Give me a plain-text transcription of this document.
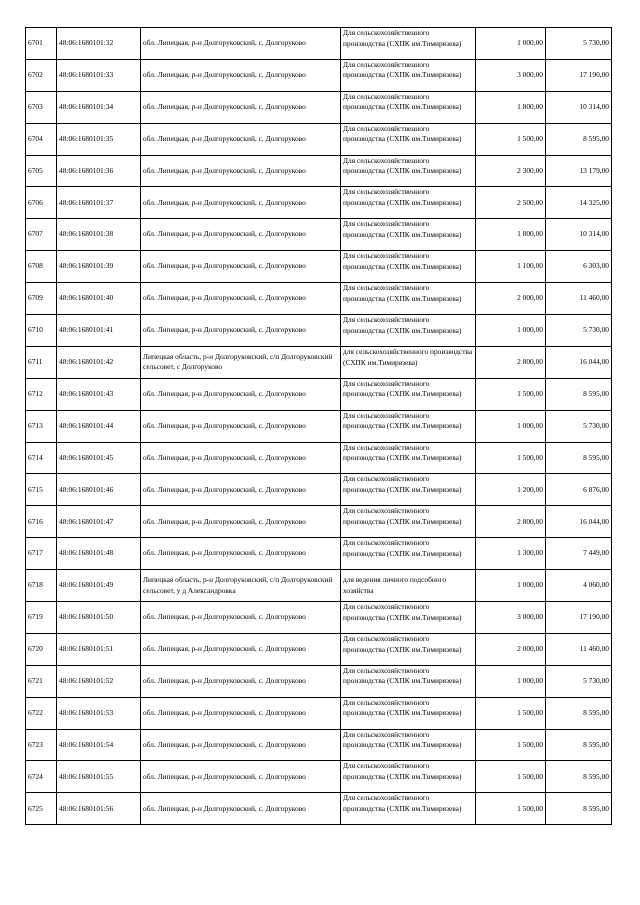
6701	48:06:1680101:32	обл. Липецкая, р-н Долгоруковский, с. Долгоруково	Для сельскохозяйственного производства (СХПК им.Тимирязева)	1 000,00	5 730,00
6702	48:06:1680101:33	обл. Липецкая, р-н Долгоруковский, с. Долгоруково	Для сельскохозяйственного производства (СХПК им.Тимирязева)	3 000,00	17 190,00
6703	48:06:1680101:34	обл. Липецкая, р-н Долгоруковский, с. Долгоруково	Для сельскохозяйственного производства (СХПК им.Тимирязева)	1 800,00	10 314,00
6704	48:06:1680101:35	обл. Липецкая, р-н Долгоруковский, с. Долгоруково	Для сельскохозяйственного производства (СХПК им.Тимирязева)	1 500,00	8 595,00
6705	48:06:1680101:36	обл. Липецкая, р-н Долгоруковский, с. Долгоруково	Для сельскохозяйственного производства (СХПК им.Тимирязева)	2 300,00	13 179,00
6706	48:06:1680101:37	обл. Липецкая, р-н Долгоруковский, с. Долгоруково	Для сельскохозяйственного производства (СХПК им.Тимирязева)	2 500,00	14 325,00
6707	48:06:1680101:38	обл. Липецкая, р-н Долгоруковский, с. Долгоруково	Для сельскохозяйственного производства (СХПК им.Тимирязева)	1 800,00	10 314,00
6708	48:06:1680101:39	обл. Липецкая, р-н Долгоруковский, с. Долгоруково	Для сельскохозяйственного производства (СХПК им.Тимирязева)	1 100,00	6 303,00
6709	48:06:1680101:40	обл. Липецкая, р-н Долгоруковский, с. Долгоруково	Для сельскохозяйственного производства (СХПК им.Тимирязева)	2 000,00	11 460,00
6710	48:06:1680101:41	обл. Липецкая, р-н Долгоруковский, с. Долгоруково	Для сельскохозяйственного производства (СХПК им.Тимирязева)	1 000,00	5 730,00
6711	48:06:1680101:42	Липецкая область, р-н Долгоруковский, с/п Долгоруковский сельсовет, с Долгоруково	для сельскохозяйственного производства (СХПК им.Тимирязева)	2 800,00	16 044,00
6712	48:06:1680101:43	обл. Липецкая, р-н Долгоруковский, с. Долгоруково	Для сельскохозяйственного производства (СХПК им.Тимирязева)	1 500,00	8 595,00
6713	48:06:1680101:44	обл. Липецкая, р-н Долгоруковский, с. Долгоруково	Для сельскохозяйственного производства (СХПК им.Тимирязева)	1 000,00	5 730,00
6714	48:06:1680101:45	обл. Липецкая, р-н Долгоруковский, с. Долгоруково	Для сельскохозяйственного производства (СХПК им.Тимирязева)	1 500,00	8 595,00
6715	48:06:1680101:46	обл. Липецкая, р-н Долгоруковский, с. Долгоруково	Для сельскохозяйственного производства (СХПК им.Тимирязева)	1 200,00	6 876,00
6716	48:06:1680101:47	обл. Липецкая, р-н Долгоруковский, с. Долгоруково	Для сельскохозяйственного производства (СХПК им.Тимирязева)	2 800,00	16 044,00
6717	48:06:1680101:48	обл. Липецкая, р-н Долгоруковский, с. Долгоруково	Для сельскохозяйственного производства (СХПК им.Тимирязева)	1 300,00	7 449,00
6718	48:06:1680101:49	Липецкая область, р-н Долгоруковский, с/п Долгоруковский сельсовет, у д Александровка	для ведения личного подсобного хозяйства	1 000,00	4 060,00
6719	48:06:1680101:50	обл. Липецкая, р-н Долгоруковский, с. Долгоруково	Для сельскохозяйственного производства (СХПК им.Тимирязева)	3 000,00	17 190,00
6720	48:06:1680101:51	обл. Липецкая, р-н Долгоруковский, с. Долгоруково	Для сельскохозяйственного производства (СХПК им.Тимирязева)	2 000,00	11 460,00
6721	48:06:1680101:52	обл. Липецкая, р-н Долгоруковский, с. Долгоруково	Для сельскохозяйственного производства (СХПК им.Тимирязева)	1 000,00	5 730,00
6722	48:06:1680101:53	обл. Липецкая, р-н Долгоруковский, с. Долгоруково	Для сельскохозяйственного производства (СХПК им.Тимирязева)	1 500,00	8 595,00
6723	48:06:1680101:54	обл. Липецкая, р-н Долгоруковский, с. Долгоруково	Для сельскохозяйственного производства (СХПК им.Тимирязева)	1 500,00	8 595,00
6724	48:06:1680101:55	обл. Липецкая, р-н Долгоруковский, с. Долгоруково	Для сельскохозяйственного производства (СХПК им.Тимирязева)	1 500,00	8 595,00
6725	48:06:1680101:56	обл. Липецкая, р-н Долгоруковский, с. Долгоруково	Для сельскохозяйственного производства (СХПК им.Тимирязева)	1 500,00	8 595,00
